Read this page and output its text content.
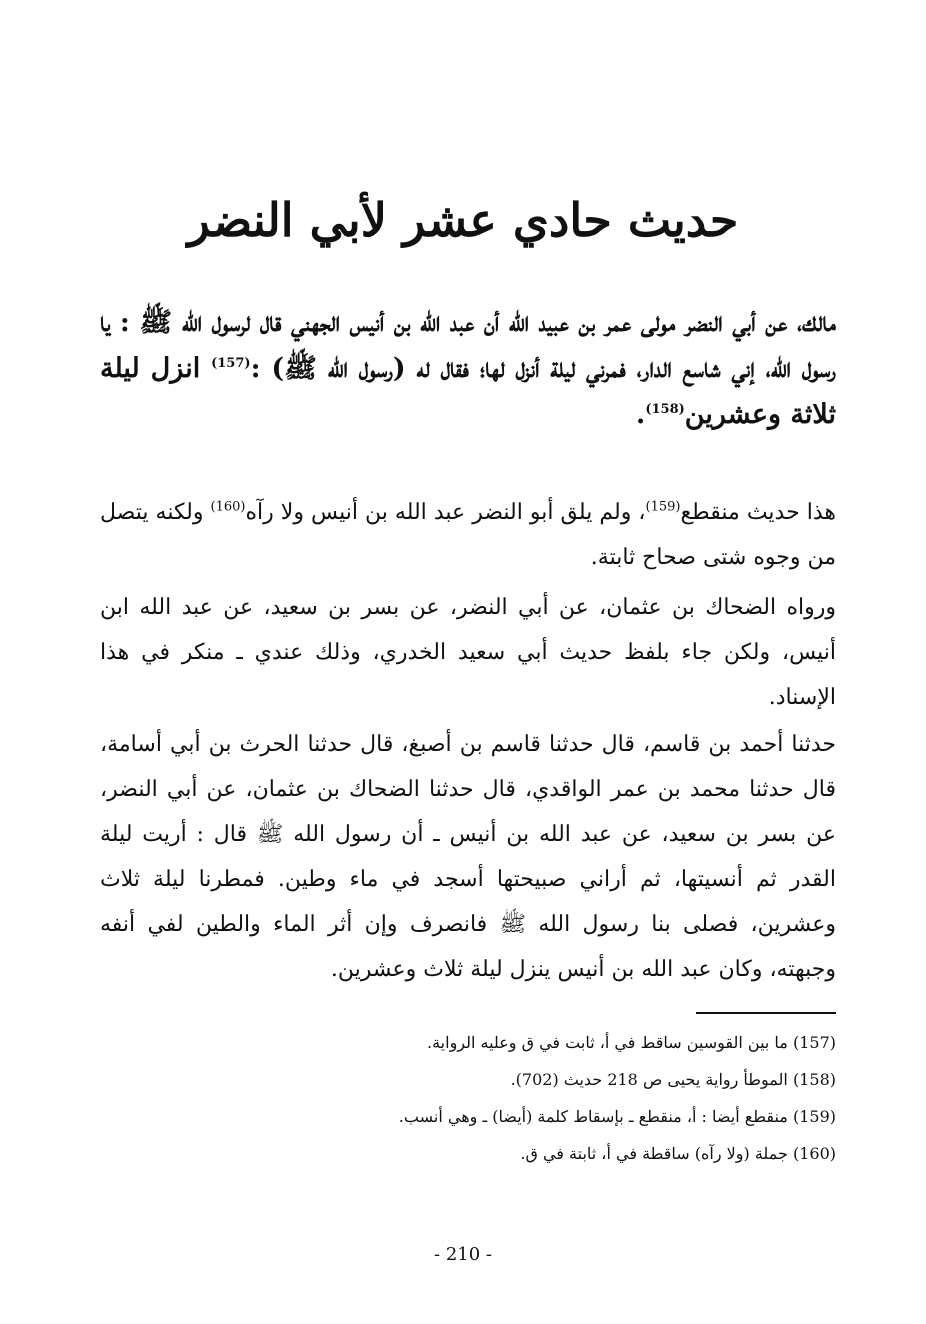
حديث حادي عشر لأبي النضر

مالك، عن أبي النضر مولى عمر بن عبيد الله أن عبد الله بن أنيس الجهني قال لرسول الله ﷺ : يا رسول الله، إني شاسع الدار، فمرني ليلة أنزل لها؛ فقال له (رسول الله ﷺ) :$^{(157)}$ انزل ليلة ثلاثة وعشرين$^{(158)}$.

هذا حديث منقطع$^{(159)}$، ولم يلق أبو النضر عبد الله بن أنيس ولا رآه$^{(160)}$ ولكنه يتصل من وجوه شتى صحاح ثابتة.

ورواه الضحاك بن عثمان، عن أبي النضر، عن بسر بن سعيد، عن عبد الله ابن أنيس، ولكن جاء بلفظ حديث أبي سعيد الخدري، وذلك عندي ـ منكر في هذا الإسناد.

حدثنا أحمد بن قاسم، قال حدثنا قاسم بن أصبغ، قال حدثنا الحرث بن أبي أسامة، قال حدثنا محمد بن عمر الواقدي، قال حدثنا الضحاك بن عثمان، عن أبي النضر، عن بسر بن سعيد، عن عبد الله بن أنيس ـ أن رسول الله ﷺ قال : أريت ليلة القدر ثم أنسيتها، ثم أراني صبيحتها أسجد في ماء وطين. فمطرنا ليلة ثلاث وعشرين، فصلى بنا رسول الله ﷺ فانصرف وإن أثر الماء والطين لفي أنفه وجبهته، وكان عبد الله بن أنيس ينزل ليلة ثلاث وعشرين.

(157) ما بين القوسين ساقط في أ، ثابت في ق وعليه الرواية.

(158) الموطأ رواية يحيى ص 218 حديث (702).

(159) منقطع أيضا : أ، منقطع ـ بإسقاط كلمة (أيضا) ـ وهي أنسب.

(160) جملة (ولا رآه) ساقطة في أ، ثابتة في ق.

- 210 -
